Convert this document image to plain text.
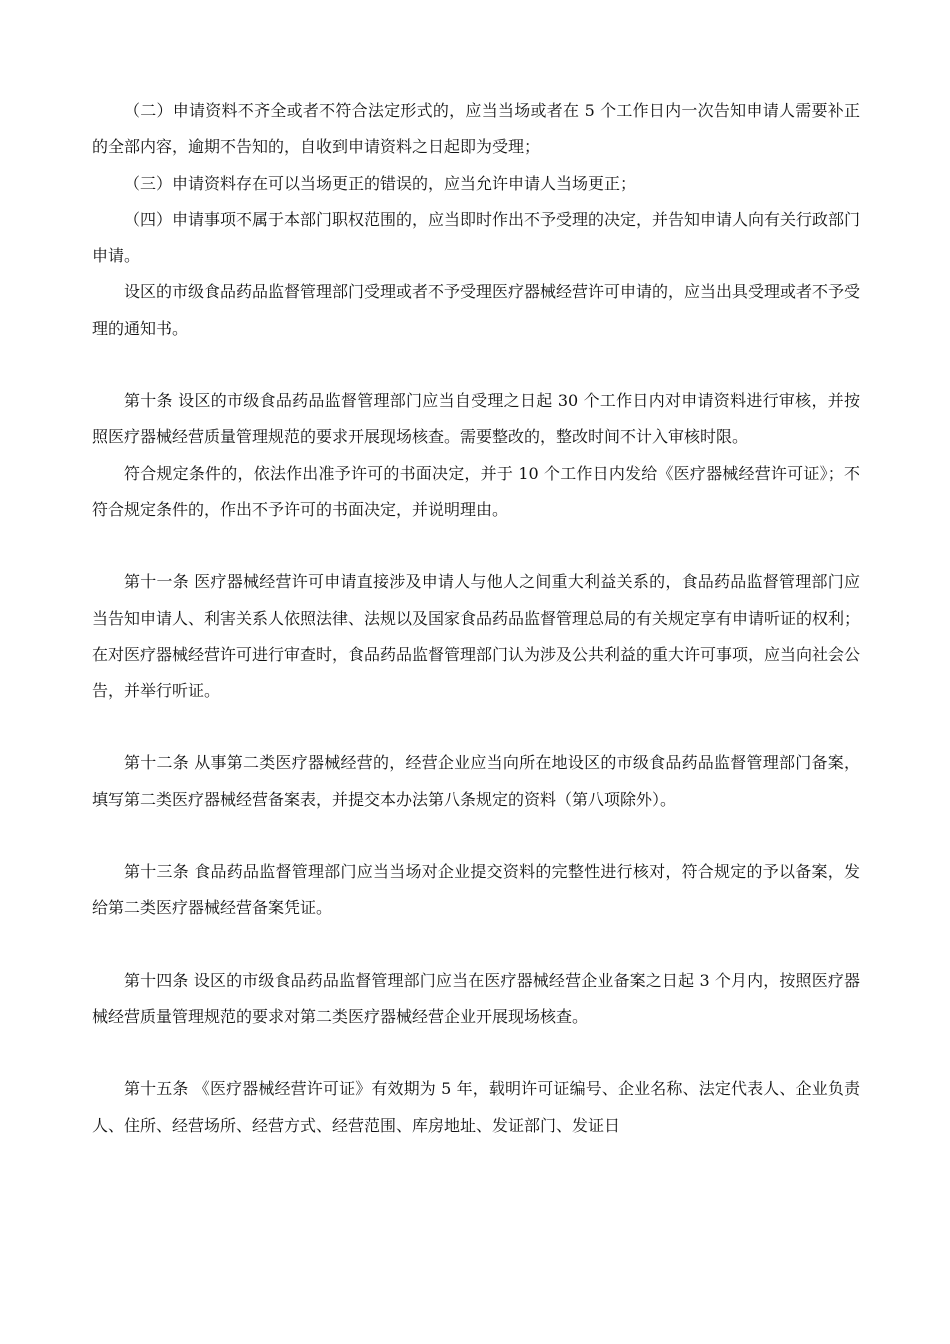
（二）申请资料不齐全或者不符合法定形式的，应当当场或者在 5 个工作日内一次告知申请人需要补正的全部内容，逾期不告知的，自收到申请资料之日起即为受理；

（三）申请资料存在可以当场更正的错误的，应当允许申请人当场更正；

（四）申请事项不属于本部门职权范围的，应当即时作出不予受理的决定，并告知申请人向有关行政部门申请。

设区的市级食品药品监督管理部门受理或者不予受理医疗器械经营许可申请的，应当出具受理或者不予受理的通知书。

第十条 设区的市级食品药品监督管理部门应当自受理之日起 30 个工作日内对申请资料进行审核，并按照医疗器械经营质量管理规范的要求开展现场核查。需要整改的，整改时间不计入审核时限。

符合规定条件的，依法作出准予许可的书面决定，并于 10 个工作日内发给《医疗器械经营许可证》；不符合规定条件的，作出不予许可的书面决定，并说明理由。

第十一条 医疗器械经营许可申请直接涉及申请人与他人之间重大利益关系的，食品药品监督管理部门应当告知申请人、利害关系人依照法律、法规以及国家食品药品监督管理总局的有关规定享有申请听证的权利；在对医疗器械经营许可进行审查时，食品药品监督管理部门认为涉及公共利益的重大许可事项，应当向社会公告，并举行听证。

第十二条 从事第二类医疗器械经营的，经营企业应当向所在地设区的市级食品药品监督管理部门备案，填写第二类医疗器械经营备案表，并提交本办法第八条规定的资料（第八项除外）。

第十三条 食品药品监督管理部门应当当场对企业提交资料的完整性进行核对，符合规定的予以备案，发给第二类医疗器械经营备案凭证。

第十四条 设区的市级食品药品监督管理部门应当在医疗器械经营企业备案之日起 3 个月内，按照医疗器械经营质量管理规范的要求对第二类医疗器械经营企业开展现场核查。

第十五条 《医疗器械经营许可证》有效期为 5 年，载明许可证编号、企业名称、法定代表人、企业负责人、住所、经营场所、经营方式、经营范围、库房地址、发证部门、发证日
